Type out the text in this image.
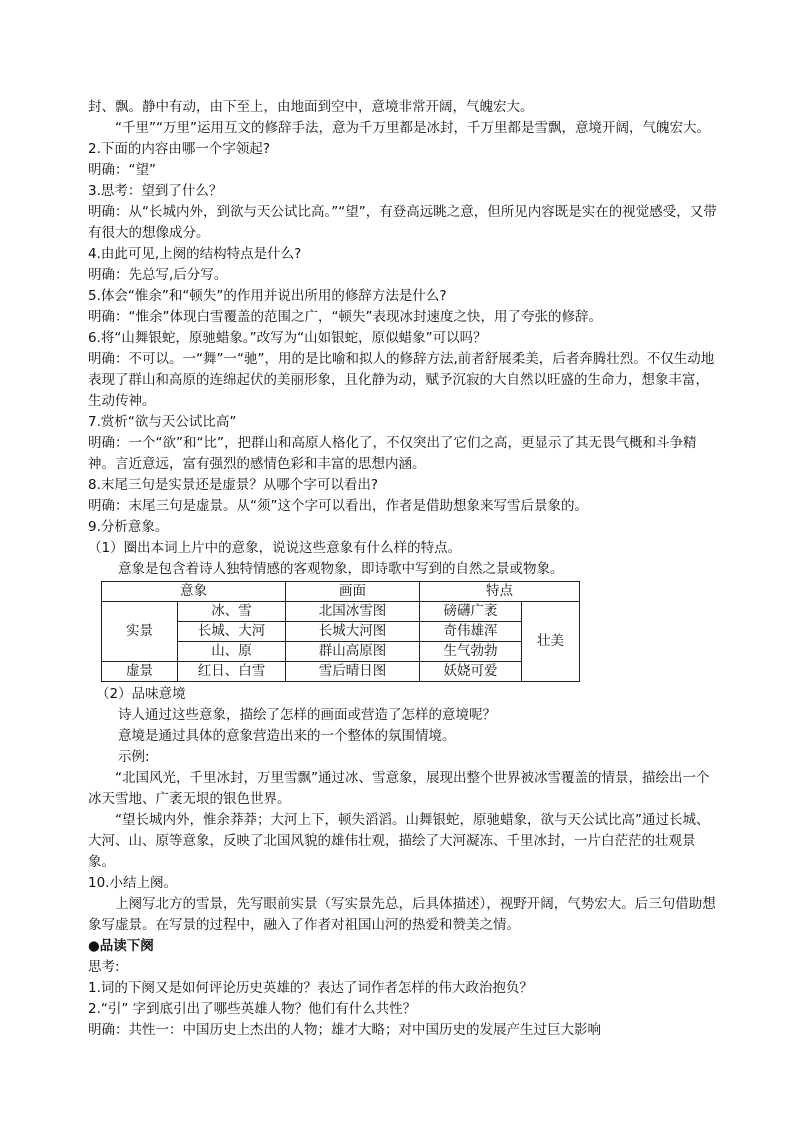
封、飘。静中有动，由下至上，由地面到空中，意境非常开阔，气魄宏大。

“千里”“万里”运用互文的修辞手法，意为千万里都是冰封，千万里都是雪飘，意境开阔，气魄宏大。

2.下面的内容由哪一个字领起?

明确：“望”

3.思考：望到了什么？

明确：从“长城内外，到欲与天公试比高。”“望”，有登高远眺之意，但所见内容既是实在的视觉感受，又带有很大的想像成分。

4.由此可见,上阕的结构特点是什么?

明确：先总写,后分写。

5.体会“惟余”和“顿失”的作用并说出所用的修辞方法是什么?

明确：“惟余”体现白雪覆盖的范围之广，“顿失”表现冰封速度之快，用了夸张的修辞。

6.将“山舞银蛇，原驰蜡象。”改写为“山如银蛇，原似蜡象”可以吗？

明确：不可以。一“舞”一“驰”，用的是比喻和拟人的修辞方法,前者舒展柔美，后者奔腾壮烈。不仅生动地表现了群山和高原的连绵起伏的美丽形象，且化静为动，赋予沉寂的大自然以旺盛的生命力，想象丰富，生动传神。

7.赏析“欲与天公试比高”

明确：一个“欲”和“比”，把群山和高原人格化了，不仅突出了它们之高，更显示了其无畏气概和斗争精神。言近意远，富有强烈的感情色彩和丰富的思想内涵。

8.末尾三句是实景还是虚景？从哪个字可以看出?

明确：末尾三句是虚景。从“须”这个字可以看出，作者是借助想象来写雪后景象的。

9.分析意象。

（1）圈出本词上片中的意象，说说这些意象有什么样的特点。

意象是包含着诗人独特情感的客观物象，即诗歌中写到的自然之景或物象。

意象		画面	特点	
实景	冰、雪	北国冰雪图	磅礴广袤	壮美
	长城、大河	长城大河图	奇伟雄浑	
	山、原	群山高原图	生气勃勃	
虚景	红日、白雪	雪后晴日图	妖娆可爱	

（2）品味意境

诗人通过这些意象，描绘了怎样的画面或营造了怎样的意境呢？

意境是通过具体的意象营造出来的一个整体的氛围情境。

示例:

“北国风光，千里冰封，万里雪飘”通过冰、雪意象，展现出整个世界被冰雪覆盖的情景，描绘出一个冰天雪地、广袤无垠的银色世界。

“望长城内外，惟余莽莽；大河上下，顿失滔滔。山舞银蛇，原驰蜡象，欲与天公试比高”通过长城、大河、山、原等意象，反映了北国风貌的雄伟壮观，描绘了大河凝冻、千里冰封，一片白茫茫的壮观景象。

10.小结上阕。

上阕写北方的雪景，先写眼前实景（写实景先总，后具体描述），视野开阔，气势宏大。后三句借助想象写虚景。在写景的过程中，融入了作者对祖国山河的热爱和赞美之情。

●品读下阕

思考:

1.词的下阕又是如何评论历史英雄的？表达了词作者怎样的伟大政治抱负？

2.“引” 字到底引出了哪些英雄人物？他们有什么共性？

明确：共性一：中国历史上杰出的人物；雄才大略；对中国历史的发展产生过巨大影响
